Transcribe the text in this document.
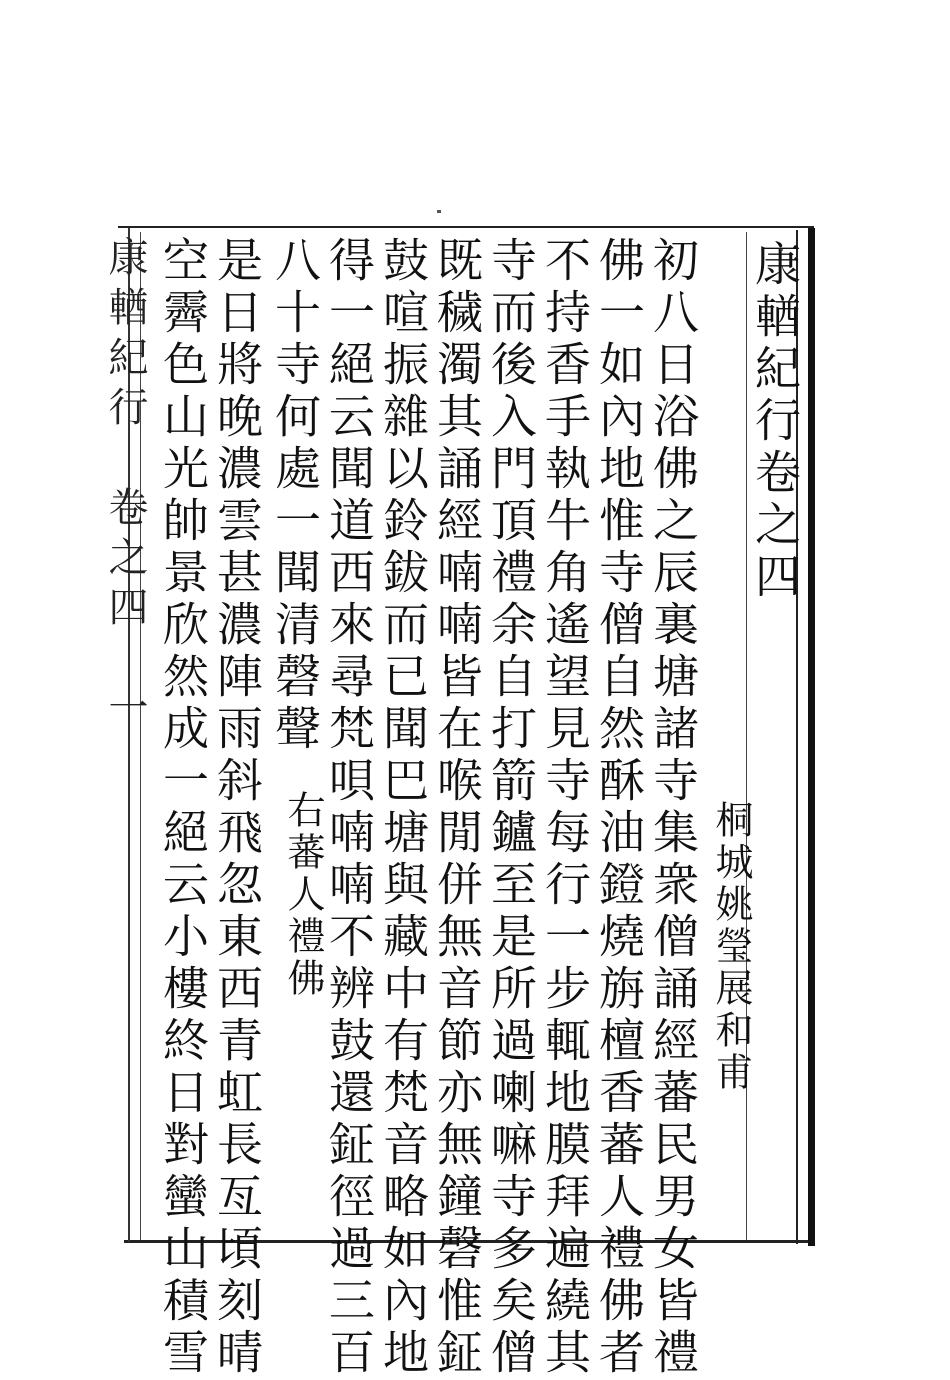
康輶紀行卷之四
桐城姚瑩展和甫
初八日浴佛之辰裏塘諸寺集衆僧誦經蕃民男女皆禮
佛一如內地惟寺僧自然酥油鐙燒旃檀香蕃人禮佛者
不持香手執牛角遙望見寺每行一步輒地膜拜遍繞其
寺而後入門頂禮余自打箭鑪至是所過喇嘛寺多矣僧
既穢濁其誦經喃喃皆在喉閒併無音節亦無鐘磬惟鉦
鼓喧振雜以鈴鈸而已聞巴塘與藏中有梵音略如內地
得一絕云聞道西來尋梵唄喃喃不辨鼓還鉦徑過三百
八十寺何處一聞清磬聲
右蕃人禮佛
是日將晚濃雲甚濃陣雨斜飛忽東西青虹長亙頃刻晴
空霽色山光帥景欣然成一絕云小樓終日對蠻山積雪
康輶紀行　卷之四　一
